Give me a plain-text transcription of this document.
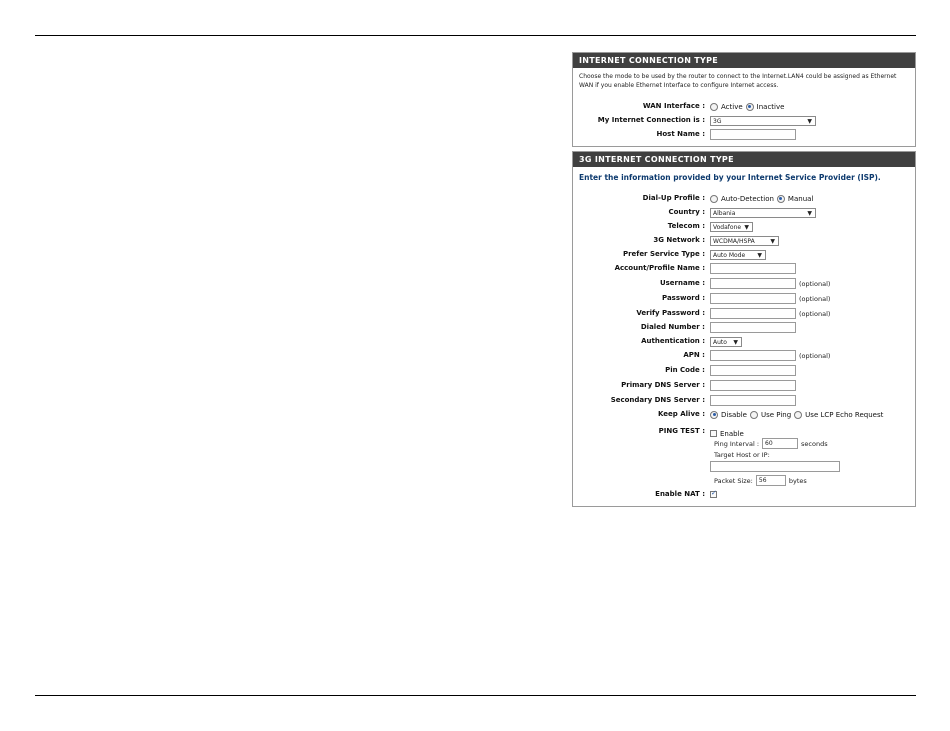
INTERNET CONNECTION TYPE
Choose the mode to be used by the router to connect to the Internet.LAN4 could be assigned as Ethernet WAN if you enable Ethernet Interface to configure Internet access.
WAN Interface : Active Inactive
My Internet Connection is :	3G	▼
Host Name :
3G INTERNET CONNECTION TYPE
Enter the information provided by your Internet Service Provider (ISP).
Dial-Up Profile : Auto-Detection Manual
Country :	Albania	▼
Telecom :	Vodafone ▼
3G Network :	WCDMA/HSPA	▼
Prefer Service Type :	Auto Mode ▼
Account/Profile Name :
Username :	(optional)
Password :	(optional)
Verify Password :	(optional)
Dialed Number :
Authentication :	Auto ▼
APN :	(optional)
Pin Code :
Primary DNS Server :
Secondary DNS Server :
Keep Alive : Disable Use Ping Use LCP Echo Request
PING TEST : Enable
Ping Interval :	60	seconds
Target Host or IP:
Packet Size:	56	bytes
Enable NAT :
✓
